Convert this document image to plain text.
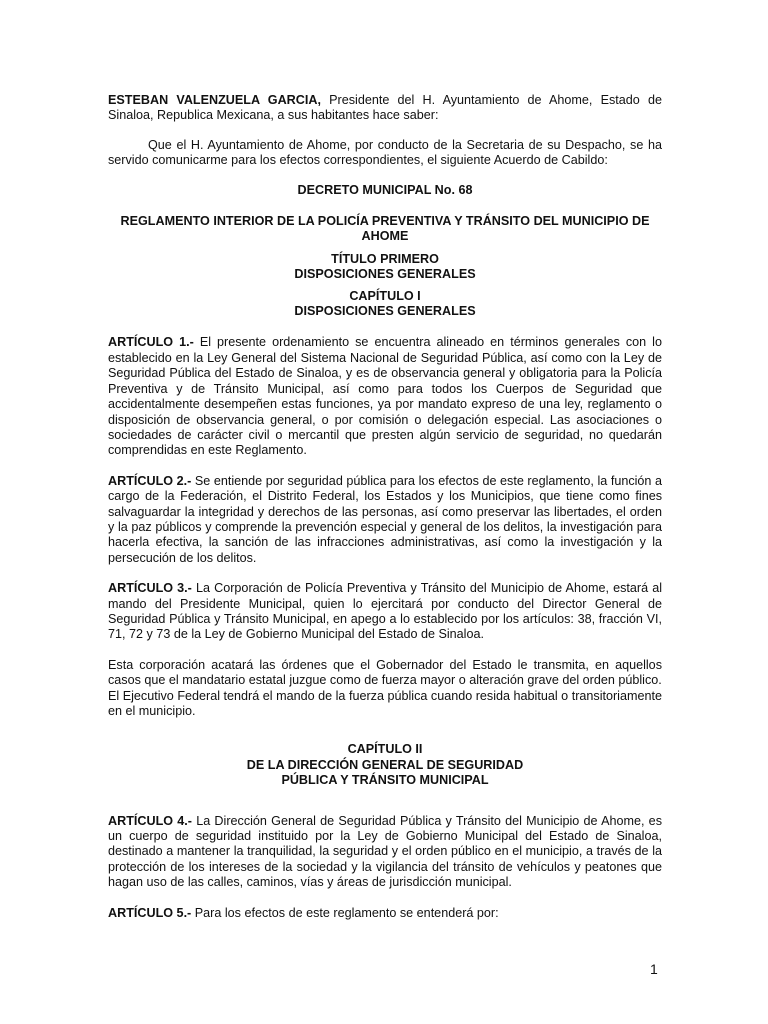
ESTEBAN VALENZUELA GARCIA, Presidente del H. Ayuntamiento de Ahome, Estado de Sinaloa, Republica Mexicana, a sus habitantes hace saber:

Que el H. Ayuntamiento de Ahome, por conducto de la Secretaria de su Despacho, se ha servido comunicarme para los efectos correspondientes, el siguiente Acuerdo de Cabildo:

DECRETO MUNICIPAL No. 68

REGLAMENTO INTERIOR DE LA POLICÍA PREVENTIVA Y TRÁNSITO DEL MUNICIPIO DE AHOME

TÍTULO PRIMERO

DISPOSICIONES GENERALES

CAPÍTULO I

DISPOSICIONES GENERALES

ARTÍCULO 1.- El presente ordenamiento se encuentra alineado en términos generales con lo establecido en la Ley General del Sistema Nacional de Seguridad Pública, así como con la Ley de Seguridad Pública del Estado de Sinaloa, y es de observancia general y obligatoria para la Policía Preventiva y de Tránsito Municipal, así como para todos los Cuerpos de Seguridad que accidentalmente desempeñen estas funciones, ya por mandato expreso de una ley, reglamento o disposición de observancia general, o por comisión o delegación especial. Las asociaciones o sociedades de carácter civil o mercantil que presten algún servicio de seguridad, no quedarán comprendidas en este Reglamento.

ARTÍCULO 2.- Se entiende por seguridad pública para los efectos de este reglamento, la función a cargo de la Federación, el Distrito Federal, los Estados y los Municipios, que tiene como fines salvaguardar la integridad y derechos de las personas, así como preservar las libertades, el orden y la paz públicos y comprende la prevención especial y general de los delitos, la investigación para hacerla efectiva, la sanción de las infracciones administrativas, así como la investigación y la persecución de los delitos.

ARTÍCULO 3.- La Corporación de Policía Preventiva y Tránsito del Municipio de Ahome, estará al mando del Presidente Municipal, quien lo ejercitará por conducto del Director General de Seguridad Pública y Tránsito Municipal, en apego a lo establecido por los artículos: 38, fracción VI, 71, 72 y 73 de la Ley de Gobierno Municipal del Estado de Sinaloa.

Esta corporación acatará las órdenes que el Gobernador del Estado le transmita, en aquellos casos que el mandatario estatal juzgue como de fuerza mayor o alteración grave del orden público.

El Ejecutivo Federal tendrá el mando de la fuerza pública cuando resida habitual o transitoriamente en el municipio.

CAPÍTULO II

DE LA DIRECCIÓN GENERAL DE SEGURIDAD

PÚBLICA Y TRÁNSITO MUNICIPAL

ARTÍCULO 4.- La Dirección General de Seguridad Pública y Tránsito del Municipio de Ahome, es un cuerpo de seguridad instituido por la Ley de Gobierno Municipal del Estado de Sinaloa, destinado a mantener la tranquilidad, la seguridad y el orden público en el municipio, a través de la protección de los intereses de la sociedad y la vigilancia del tránsito de vehículos y peatones que hagan uso de las calles, caminos, vías y áreas de jurisdicción municipal.

ARTÍCULO 5.- Para los efectos de este reglamento se entenderá por:

1
